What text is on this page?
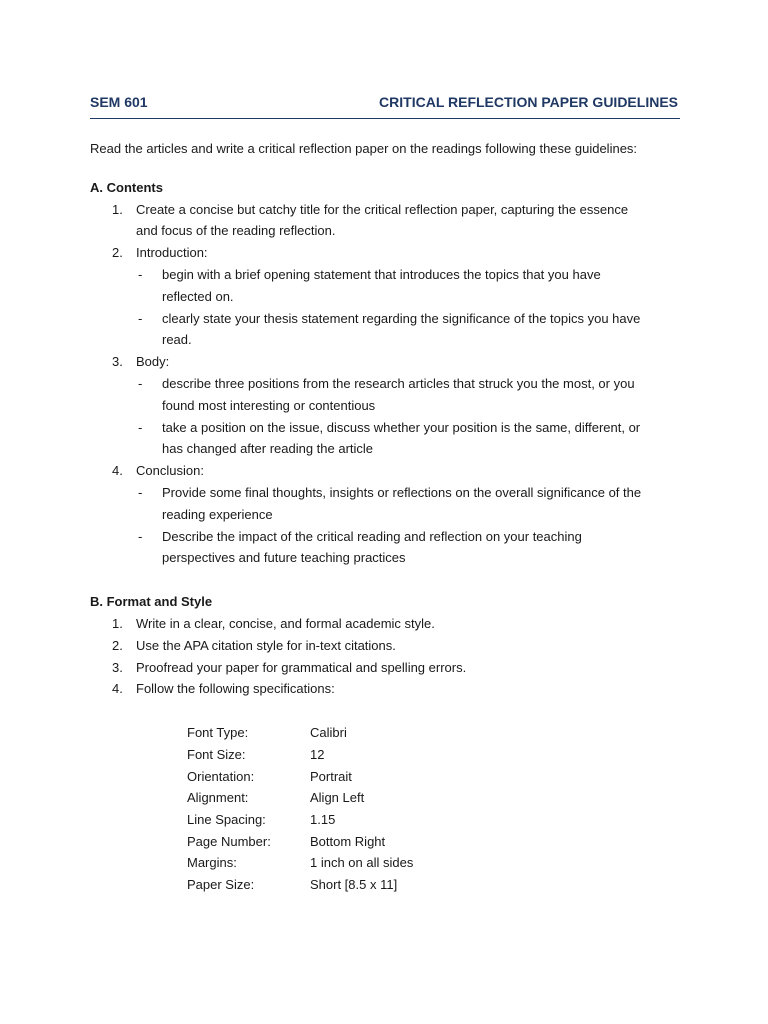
SEM 601	CRITICAL REFLECTION PAPER GUIDELINES
Read the articles and write a critical reflection paper on the readings following these guidelines:
A. Contents
1. Create a concise but catchy title for the critical reflection paper, capturing the essence
and focus of the reading reflection.
2. Introduction:
- begin with a brief opening statement that introduces the topics that you have
reflected on.
- clearly state your thesis statement regarding the significance of the topics you have
read.
3. Body:
- describe three positions from the research articles that struck you the most, or you
found most interesting or contentious
- take a position on the issue, discuss whether your position is the same, different, or
has changed after reading the article
4. Conclusion:
- Provide some final thoughts, insights or reflections on the overall significance of the
reading experience
- Describe the impact of the critical reading and reflection on your teaching
perspectives and future teaching practices
B. Format and Style
1. Write in a clear, concise, and formal academic style.
2. Use the APA citation style for in-text citations.
3. Proofread your paper for grammatical and spelling errors.
4. Follow the following specifications:
Font Type:	Calibri
Font Size:	12
Orientation:	Portrait
Alignment:	Align Left
Line Spacing:	1.15
Page Number:	Bottom Right
Margins:	1 inch on all sides
Paper Size:	Short [8.5 x 11]
